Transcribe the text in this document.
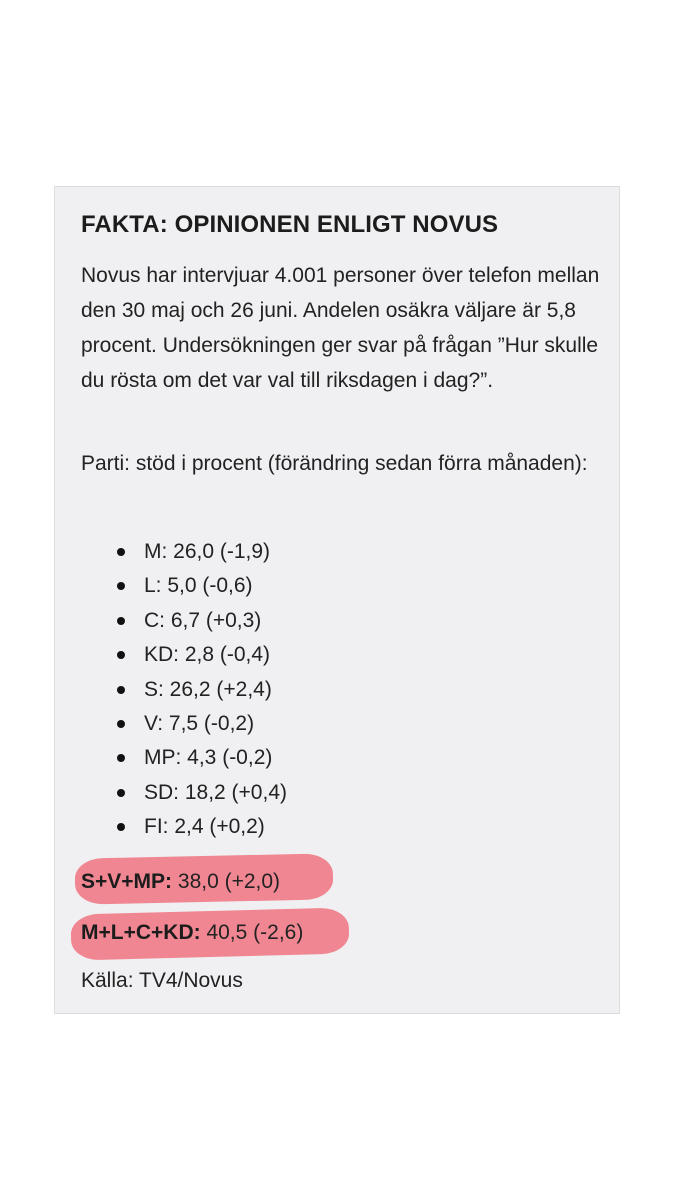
FAKTA: OPINIONEN ENLIGT NOVUS

Novus har intervjuar 4.001 personer över telefon mellan den 30 maj och 26 juni. Andelen osäkra väljare är 5,8 procent. Undersökningen ger svar på frågan ”Hur skulle du rösta om det var val till riksdagen i dag?”.

Parti: stöd i procent (förändring sedan förra månaden):

M: 26,0 (-1,9)
L: 5,0 (-0,6)
C: 6,7 (+0,3)
KD: 2,8 (-0,4)
S: 26,2 (+2,4)
V: 7,5 (-0,2)
MP: 4,3 (-0,2)
SD: 18,2 (+0,4)
FI: 2,4 (+0,2)

S+V+MP: 38,0 (+2,0)

M+L+C+KD: 40,5 (-2,6)

Källa: TV4/Novus
